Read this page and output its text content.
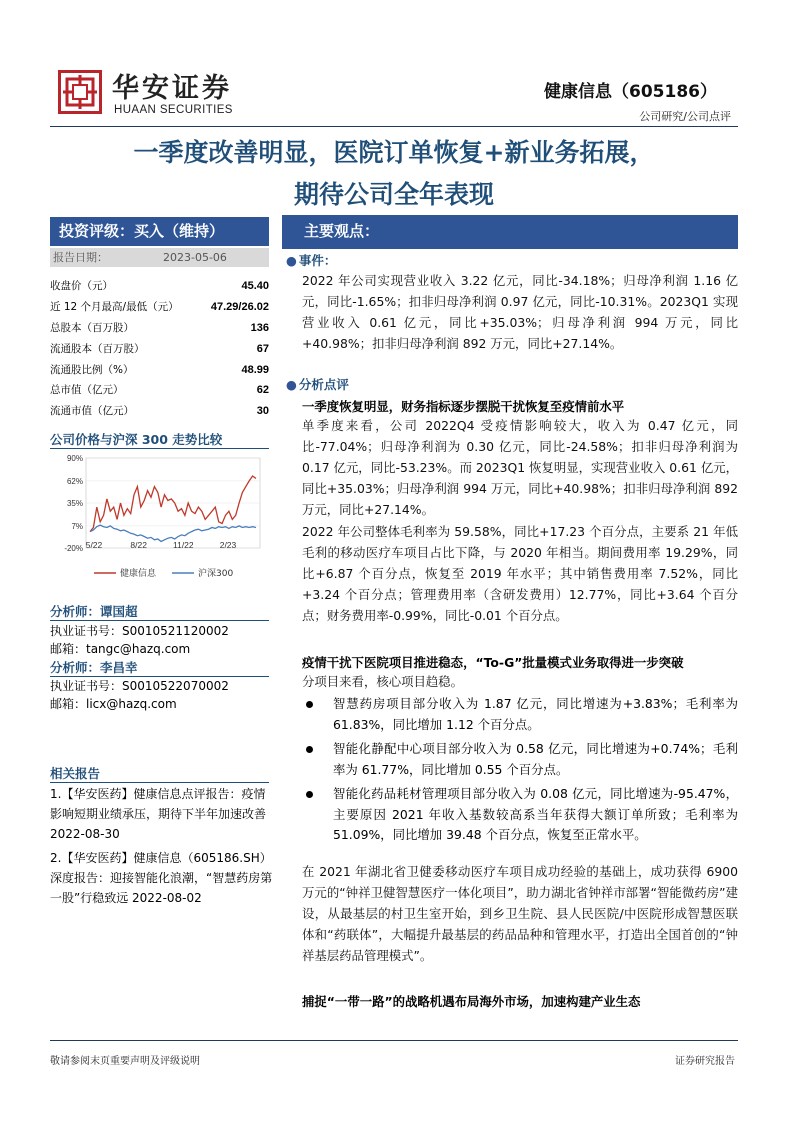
华安证券
HUAAN SECURITIES
健康信息（605186）
公司研究/公司点评
一季度改善明显，医院订单恢复+新业务拓展，
期待公司全年表现
投资评级：买入（维持）
报告日期：	2023-05-06
收盘价（元）	45.40
近 12 个月最高/最低（元）	47.29/26.02
总股本（百万股）	136
流通股本（百万股）	67
流通股比例（%）	48.99
总市值（亿元）	62
流通市值（亿元）	30
公司价格与沪深 300 走势比较
90%
62%
35%
7%
-20% 5/22	8/22	11/22	2/23
健康信息	沪深300
分析师：谭国超
执业证书号：S0010521120002
邮箱：tangc@hazq.com
分析师：李昌幸
执业证书号：S0010522070002
邮箱：licx@hazq.com
相关报告
1.【华安医药】健康信息点评报告：疫情影响短期业绩承压，期待下半年加速改善 2022-08-30
2.【华安医药】健康信息（605186.SH）深度报告：迎接智能化浪潮，“智慧药房第一股”行稳致远 2022-08-02
主要观点：
● 事件：
2022 年公司实现营业收入 3.22 亿元，同比-34.18%；归母净利润 1.16 亿元，同比-1.65%；扣非归母净利润 0.97 亿元，同比-10.31%。2023Q1 实现营业收入 0.61 亿元，同比+35.03%；归母净利润 994 万元，同比+40.98%；扣非归母净利润 892 万元，同比+27.14%。
● 分析点评
一季度恢复明显，财务指标逐步摆脱干扰恢复至疫情前水平
单季度来看，公司 2022Q4 受疫情影响较大，收入为 0.47 亿元，同比-77.04%；归母净利润为 0.30 亿元，同比-24.58%；扣非归母净利润为 0.17 亿元，同比-53.23%。而 2023Q1 恢复明显，实现营业收入 0.61 亿元，同比+35.03%；归母净利润 994 万元，同比+40.98%；扣非归母净利润 892 万元，同比+27.14%。
2022 年公司整体毛利率为 59.58%，同比+17.23 个百分点，主要系 21 年低毛利的移动医疗车项目占比下降，与 2020 年相当。期间费用率 19.29%，同比+6.87 个百分点，恢复至 2019 年水平；其中销售费用率 7.52%，同比+3.24 个百分点；管理费用率（含研发费用）12.77%，同比+3.64 个百分点；财务费用率-0.99%，同比-0.01 个百分点。
疫情干扰下医院项目推进稳态，“To-G”批量模式业务取得进一步突破
分项目来看，核心项目趋稳。
智慧药房项目部分收入为 1.87 亿元，同比增速为+3.83%；毛利率为 61.83%，同比增加 1.12 个百分点。
智能化静配中心项目部分收入为 0.58 亿元，同比增速为+0.74%；毛利率为 61.77%，同比增加 0.55 个百分点。
智能化药品耗材管理项目部分收入为 0.08 亿元，同比增速为-95.47%，主要原因 2021 年收入基数较高系当年获得大额订单所致；毛利率为 51.09%，同比增加 39.48 个百分点，恢复至正常水平。
在 2021 年湖北省卫健委移动医疗车项目成功经验的基础上，成功获得 6900 万元的“钟祥卫健智慧医疗一体化项目”，助力湖北省钟祥市部署“智能微药房”建设，从最基层的村卫生室开始，到乡卫生院、县人民医院/中医院形成智慧医联体和“药联体”，大幅提升最基层的药品品种和管理水平，打造出全国首创的“钟祥基层药品管理模式”。
捕捉“一带一路”的战略机遇布局海外市场，加速构建产业生态
敬请参阅末页重要声明及评级说明	证券研究报告
